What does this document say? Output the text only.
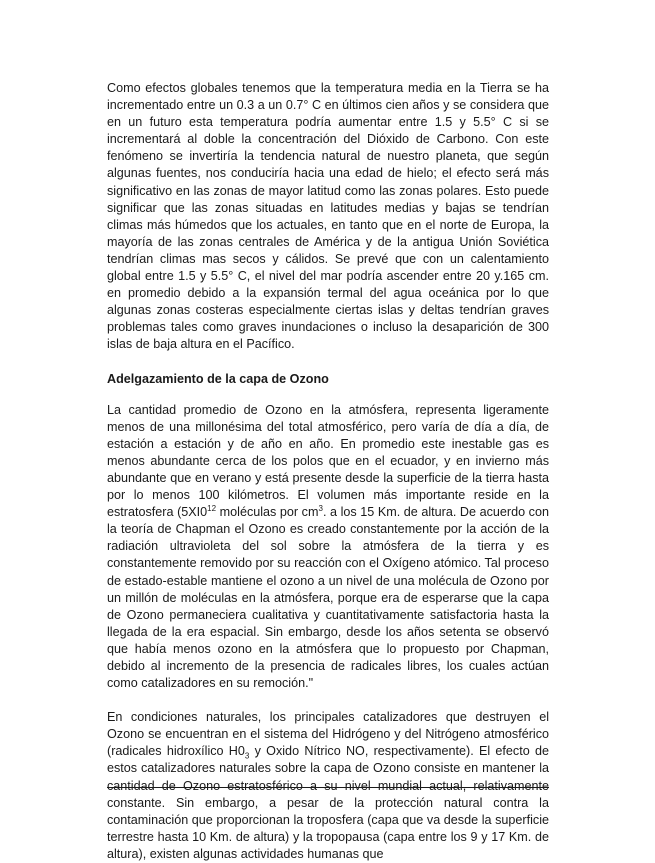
Como efectos globales tenemos que la temperatura media en la Tierra se ha incrementado entre un 0.3 a un 0.7° C en últimos cien años y se considera que en un futuro esta temperatura podría aumentar entre 1.5 y 5.5° C si se incrementará al doble la concentración del Dióxido de Carbono. Con este fenómeno se invertiría la tendencia natural de nuestro planeta, que según algunas fuentes, nos conduciría hacia una edad de hielo; el efecto será más significativo en las zonas de mayor latitud como las zonas polares. Esto puede significar que las zonas situadas en latitudes medias y bajas se tendrían climas más húmedos que los actuales, en tanto que en el norte de Europa, la mayoría de las zonas centrales de América y de la antigua Unión Soviética tendrían climas mas secos y cálidos. Se prevé que con un calentamiento global entre 1.5 y 5.5° C, el nivel del mar podría ascender entre 20 y.165 cm. en promedio debido a la expansión termal del agua oceánica por lo que algunas zonas costeras especialmente ciertas islas y deltas tendrían graves problemas tales como graves inundaciones o incluso la desaparición de 300 islas de baja altura en el Pacífico.

Adelgazamiento de la capa de Ozono

La cantidad promedio de Ozono en la atmósfera, representa ligeramente menos de una millonésima del total atmosférico, pero varía de día a día, de estación a estación y de año en año. En promedio este inestable gas es menos abundante cerca de los polos que en el ecuador, y en invierno más abundante que en verano y está presente desde la superficie de la tierra hasta por lo menos 100 kilómetros. El volumen más importante reside en la estratosfera ($5XI0^{12}$ moléculas por $cm^3$. a los 15 Km. de altura. De acuerdo con la teoría de Chapman el Ozono es creado constantemente por la acción de la radiación ultravioleta del sol sobre la atmósfera de la tierra y es constantemente removido por su reacción con el Oxígeno atómico. Tal proceso de estado-estable mantiene el ozono a un nivel de una molécula de Ozono por un millón de moléculas en la atmósfera, porque era de esperarse que la capa de Ozono permaneciera cualitativa y cuantitativamente satisfactoria hasta la llegada de la era espacial. Sin embargo, desde los años setenta se observó que había menos ozono en la atmósfera que lo propuesto por Chapman, debido al incremento de la presencia de radicales libres, los cuales actúan como catalizadores en su remoción."

En condiciones naturales, los principales catalizadores que destruyen el Ozono se encuentran en el sistema del Hidrógeno y del Nitrógeno atmosférico (radicales hidroxílico $H0_3$ y Oxido Nítrico NO, respectivamente). El efecto de estos catalizadores naturales sobre la capa de Ozono consiste en mantener la cantidad de Ozono estratosférico a su nivel mundial actual, relativamente constante. Sin embargo, a pesar de la protección natural contra la contaminación que proporcionan la troposfera (capa que va desde la superficie terrestre hasta 10 Km. de altura) y la tropopausa (capa entre los 9 y 17 Km. de altura), existen algunas actividades humanas que
